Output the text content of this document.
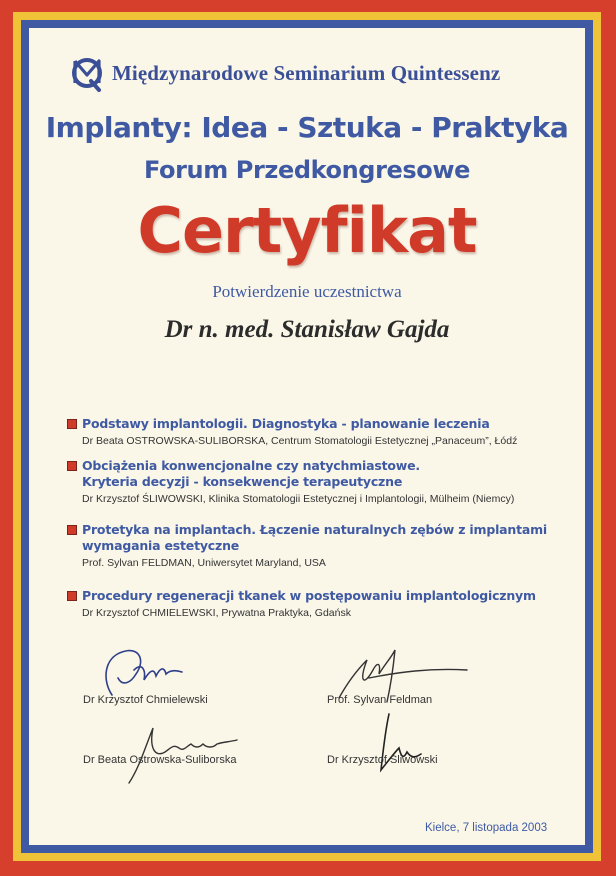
Międzynarodowe Seminarium Quintessenz
Implanty: Idea - Sztuka - Praktyka
Forum Przedkongresowe
Certyfikat
Potwierdzenie uczestnictwa
Dr n. med. Stanisław Gajda
Podstawy implantologii. Diagnostyka - planowanie leczenia
Dr Beata OSTROWSKA-SULIBORSKA, Centrum Stomatologii Estetycznej „Panaceum”, Łódź
Obciążenia konwencjonalne czy natychmiastowe.
Kryteria decyzji - konsekwencje terapeutyczne
Dr Krzysztof ŚLIWOWSKI, Klinika Stomatologii Estetycznej i Implantologii, Mülheim (Niemcy)
Protetyka na implantach. Łączenie naturalnych zębów z implantami
wymagania estetyczne
Prof. Sylvan FELDMAN, Uniwersytet Maryland, USA
Procedury regeneracji tkanek w postępowaniu implantologicznym
Dr Krzysztof CHMIELEWSKI, Prywatna Praktyka, Gdańsk
Dr Krzysztof Chmielewski	Prof. Sylvan Feldman
Dr Beata Ostrowska-Suliborska	Dr Krzysztof Śliwowski
Kielce, 7 listopada 2003
